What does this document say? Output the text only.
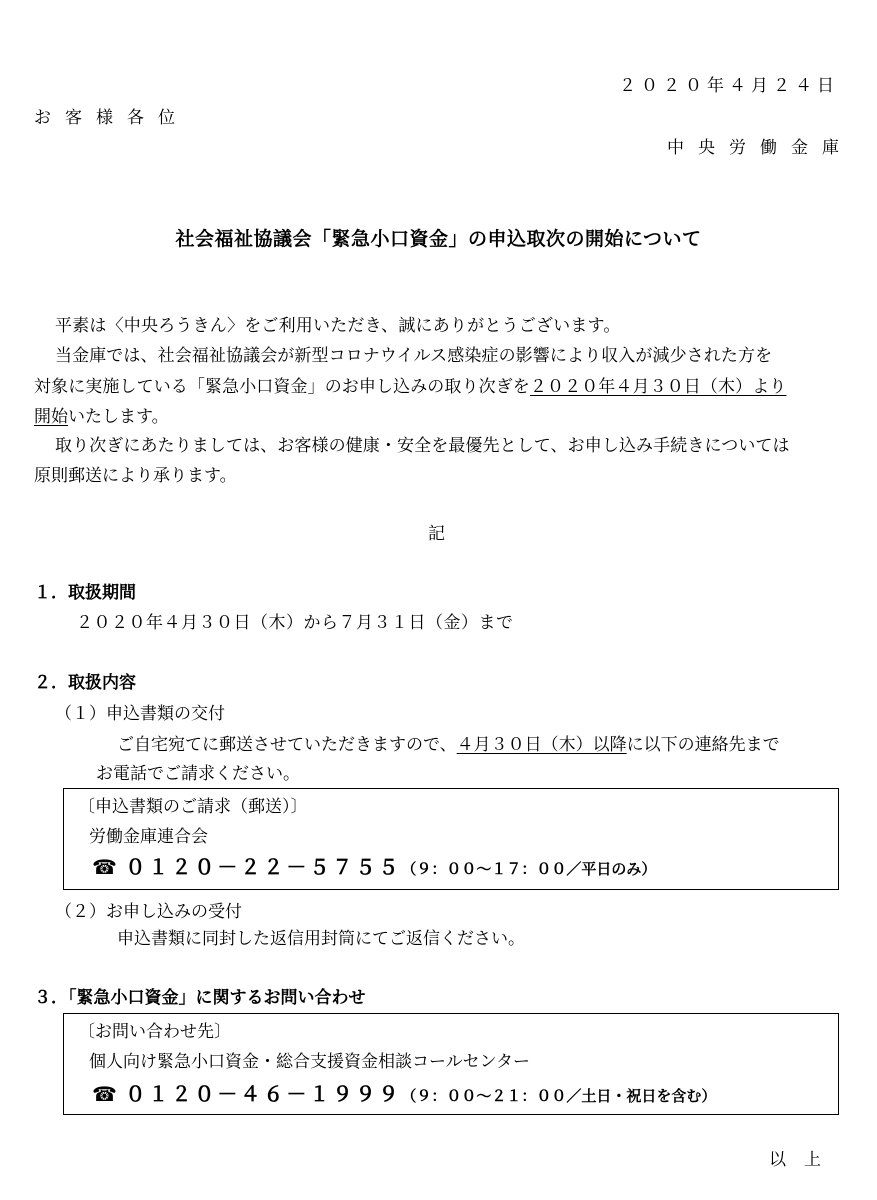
２０２０年４月２４日
お客様各位
中央労働金庫
社会福祉協議会「緊急小口資金」の申込取次の開始について
平素は〈中央ろうきん〉をご利用いただき、誠にありがとうございます。
当金庫では、社会福祉協議会が新型コロナウイルス感染症の影響により収入が減少された方を
対象に実施している「緊急小口資金」のお申し込みの取り次ぎを２０２０年４月３０日（木）より
開始いたします。
取り次ぎにあたりましては、お客様の健康・安全を最優先として、お申し込み手続きについては
原則郵送により承ります。
記
１．取扱期間
２０２０年４月３０日（木）から７月３１日（金）まで
２．取扱内容
（１）申込書類の交付
ご自宅宛てに郵送させていただきますので、４月３０日（木）以降に以下の連絡先まで
お電話でご請求ください。
〔申込書類のご請求（郵送）〕
労働金庫連合会
☎ ０１２０－２２－５７５５（９：００～１７：００／平日のみ）
（２）お申し込みの受付
申込書類に同封した返信用封筒にてご返信ください。
３．「緊急小口資金」に関するお問い合わせ
〔お問い合わせ先〕
個人向け緊急小口資金・総合支援資金相談コールセンター
☎ ０１２０－４６－１９９９（９：００～２１：００／土日・祝日を含む）
以上
